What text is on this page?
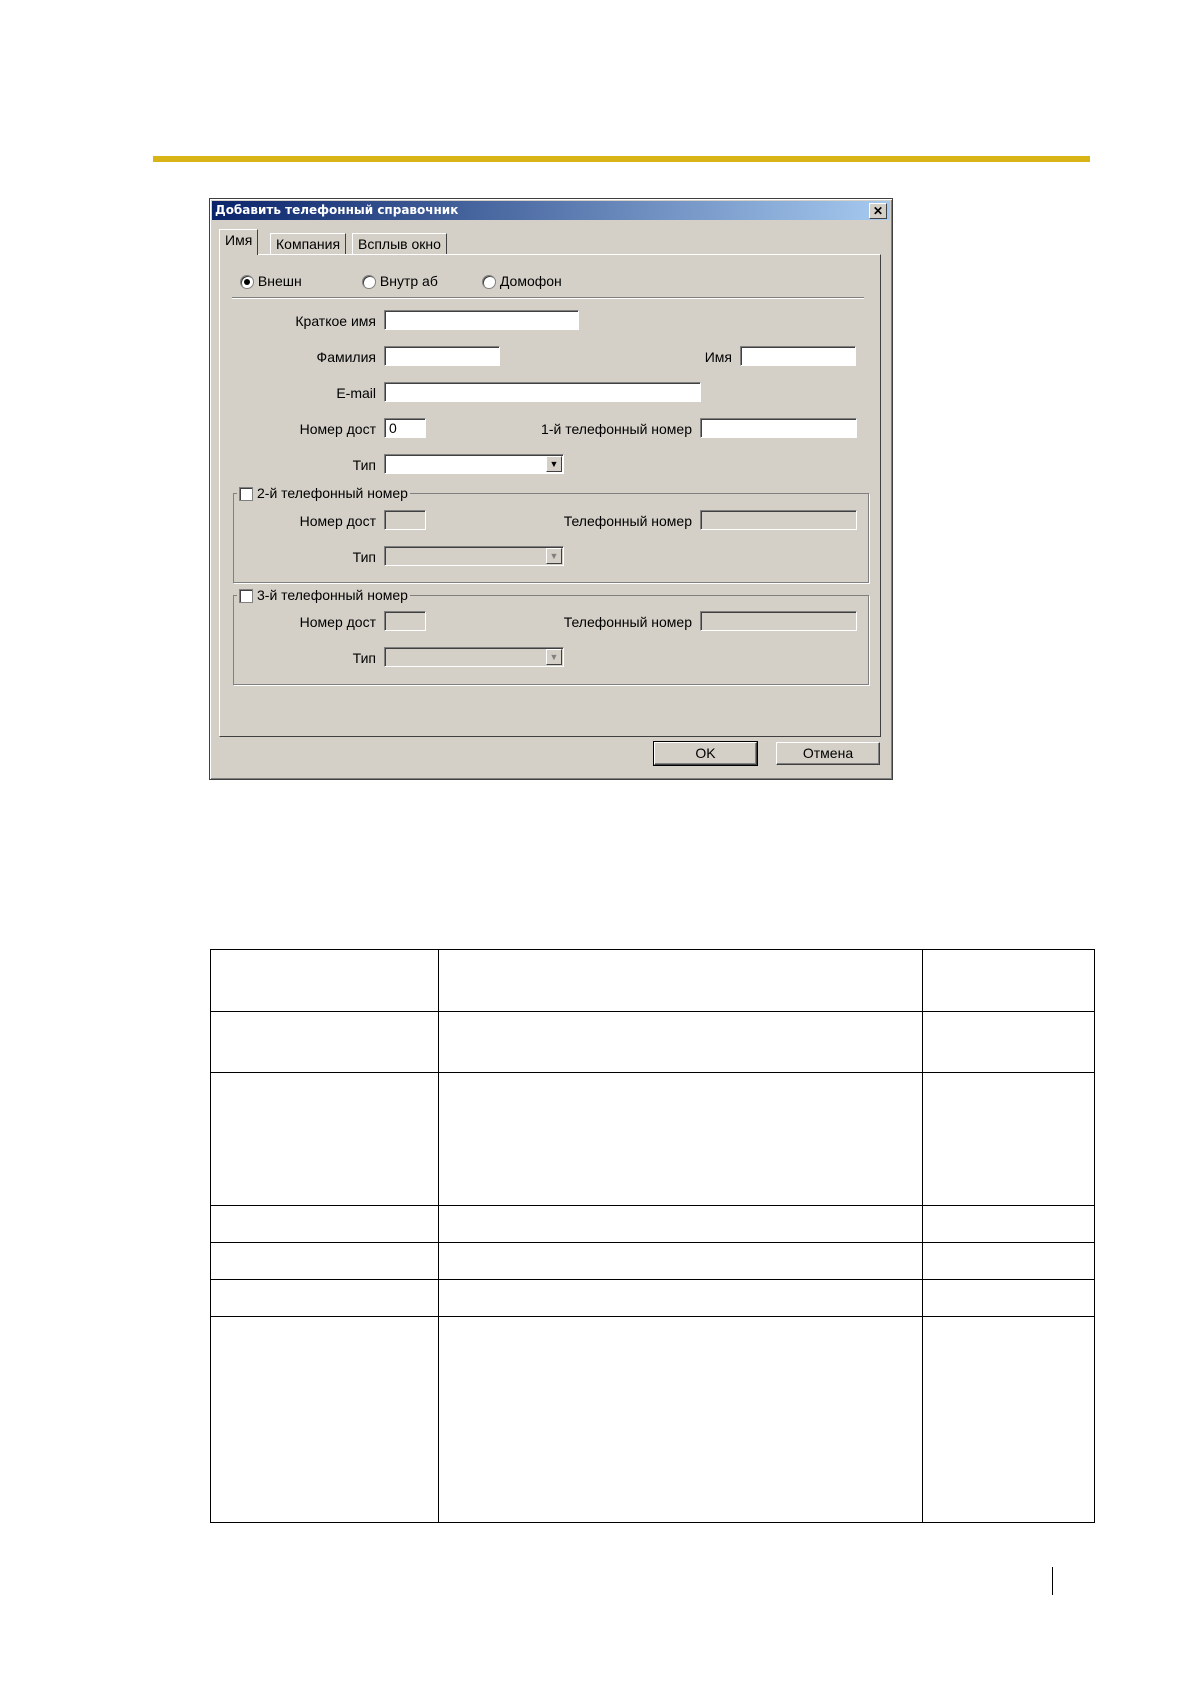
Добавить телефонный справочник	✕
Имя	Компания	Всплыв окно
Внешн	Внутр аб	Домофон
Краткое имя
Фамилия	Имя
E-mail
Номер дост 0	1-й телефонный номер
Тип	▼
2-й телефонный номер
Номер дост	Телефонный номер
Тип	▼
3-й телефонный номер
Номер дост	Телефонный номер
Тип	▼
OK	Отмена
